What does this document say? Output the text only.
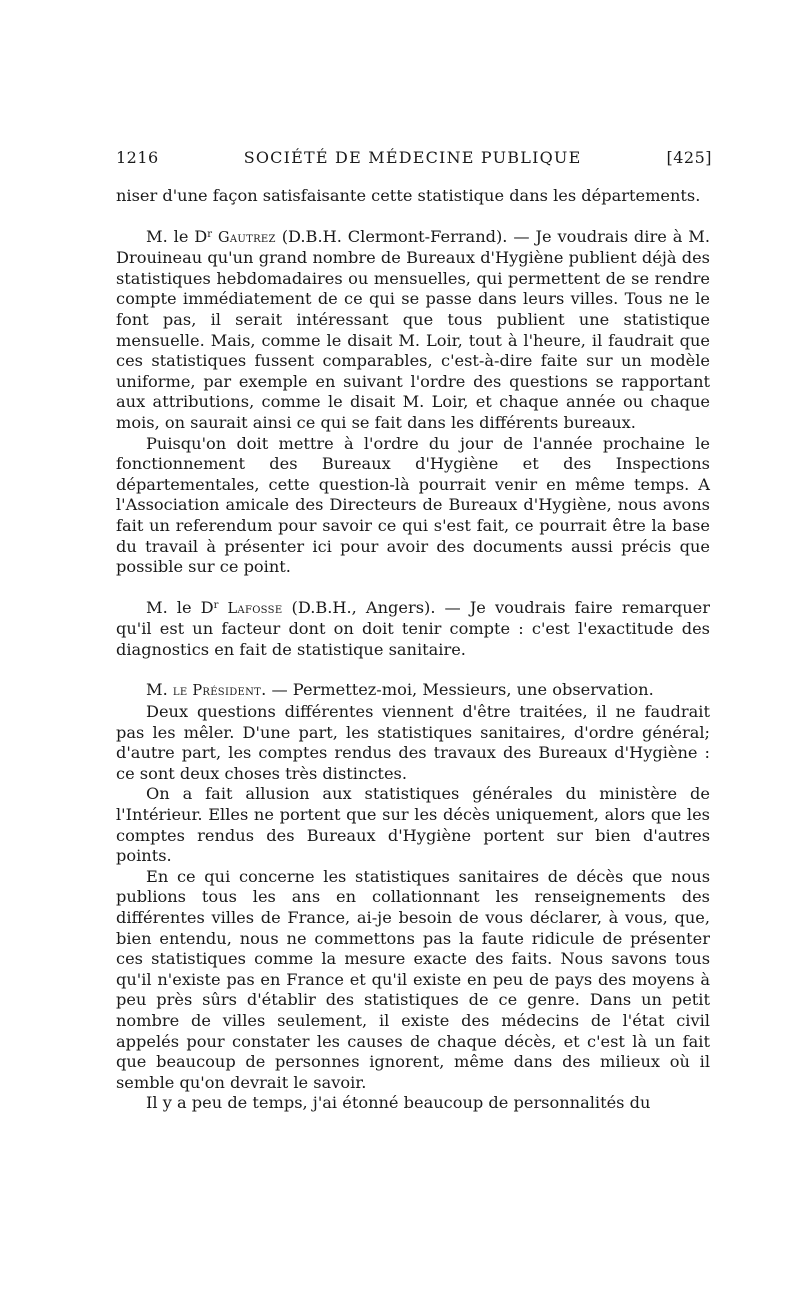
1216	SOCIÉTÉ DE MÉDECINE PUBLIQUE	[425]

niser d'une façon satisfaisante cette statistique dans les départements.

M. le $D^r$ Gautrez (D.B.H. Clermont-Ferrand). — Je voudrais dire à M. Drouineau qu'un grand nombre de Bureaux d'Hygiène publient déjà des statistiques hebdomadaires ou mensuelles, qui permettent de se rendre compte immédiatement de ce qui se passe dans leurs villes. Tous ne le font pas, il serait intéressant que tous publient une statistique mensuelle. Mais, comme le disait M. Loir, tout à l'heure, il faudrait que ces statistiques fussent comparables, c'est-à-dire faite sur un modèle uniforme, par exemple en suivant l'ordre des questions se rapportant aux attributions, comme le disait M. Loir, et chaque année ou chaque mois, on saurait ainsi ce qui se fait dans les différents bureaux.

Puisqu'on doit mettre à l'ordre du jour de l'année prochaine le fonctionnement des Bureaux d'Hygiène et des Inspections départementales, cette question-là pourrait venir en même temps. A l'Association amicale des Directeurs de Bureaux d'Hygiène, nous avons fait un referendum pour savoir ce qui s'est fait, ce pourrait être la base du travail à présenter ici pour avoir des documents aussi précis que possible sur ce point.

M. le $D^r$ Lafosse (D.B.H., Angers). — Je voudrais faire remarquer qu'il est un facteur dont on doit tenir compte : c'est l'exactitude des diagnostics en fait de statistique sanitaire.

M. le Président. — Permettez-moi, Messieurs, une observation.

Deux questions différentes viennent d'être traitées, il ne faudrait pas les mêler. D'une part, les statistiques sanitaires, d'ordre général; d'autre part, les comptes rendus des travaux des Bureaux d'Hygiène : ce sont deux choses très distinctes.

On a fait allusion aux statistiques générales du ministère de l'Intérieur. Elles ne portent que sur les décès uniquement, alors que les comptes rendus des Bureaux d'Hygiène portent sur bien d'autres points.

En ce qui concerne les statistiques sanitaires de décès que nous publions tous les ans en collationnant les renseignements des différentes villes de France, ai-je besoin de vous déclarer, à vous, que, bien entendu, nous ne commettons pas la faute ridicule de présenter ces statistiques comme la mesure exacte des faits. Nous savons tous qu'il n'existe pas en France et qu'il existe en peu de pays des moyens à peu près sûrs d'établir des statistiques de ce genre. Dans un petit nombre de villes seulement, il existe des médecins de l'état civil appelés pour constater les causes de chaque décès, et c'est là un fait que beaucoup de personnes ignorent, même dans des milieux où il semble qu'on devrait le savoir.

Il y a peu de temps, j'ai étonné beaucoup de personnalités du
